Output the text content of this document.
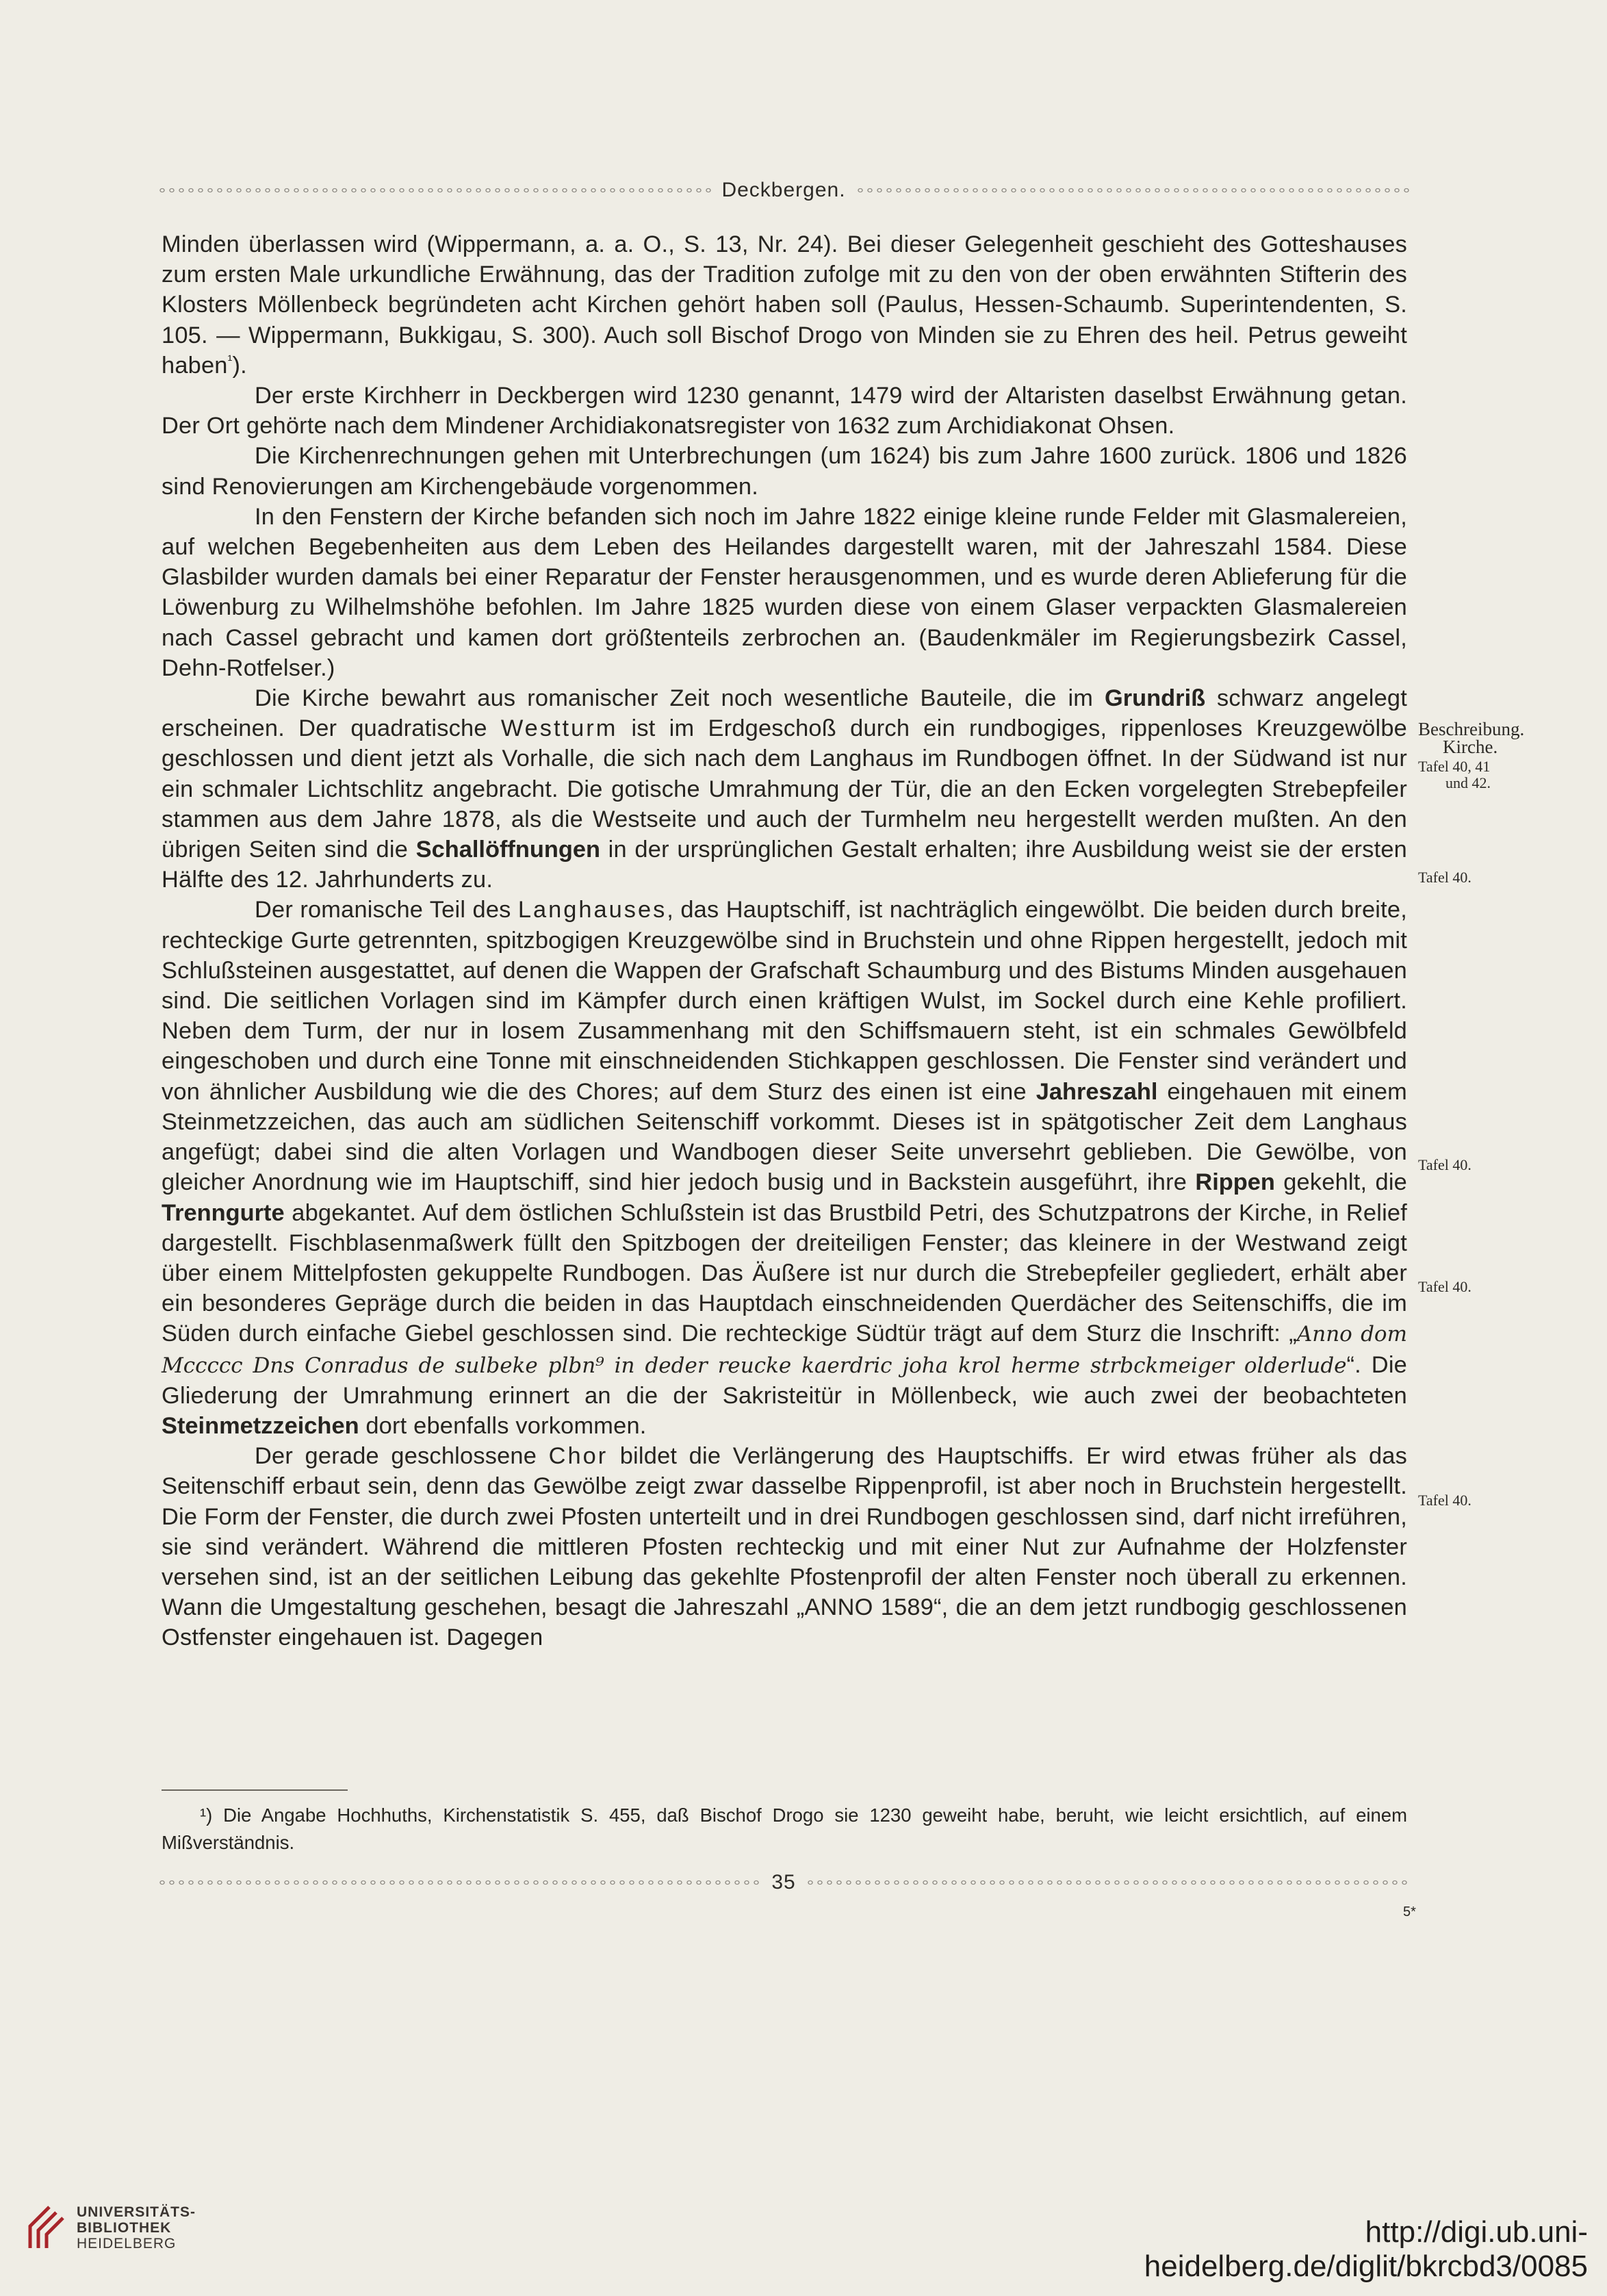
Deckbergen.

Minden überlassen wird (Wippermann, a. a. O., S. 13, Nr. 24). Bei dieser Gelegenheit geschieht des Gotteshauses zum ersten Male urkundliche Erwähnung, das der Tradition zufolge mit zu den von der oben erwähnten Stifterin des Klosters Möllenbeck begründeten acht Kirchen gehört haben soll (Paulus, Hessen-Schaumb. Superintendenten, S. 105. — Wippermann, Bukkigau, S. 300). Auch soll Bischof Drogo von Minden sie zu Ehren des heil. Petrus geweiht haben$^{^1}$).

Der erste Kirchherr in Deckbergen wird 1230 genannt, 1479 wird der Altaristen daselbst Erwähnung getan. Der Ort gehörte nach dem Mindener Archidiakonatsregister von 1632 zum Archidiakonat Ohsen.

Die Kirchenrechnungen gehen mit Unterbrechungen (um 1624) bis zum Jahre 1600 zurück. 1806 und 1826 sind Renovierungen am Kirchengebäude vorgenommen.

In den Fenstern der Kirche befanden sich noch im Jahre 1822 einige kleine runde Felder mit Glasmalereien, auf welchen Begebenheiten aus dem Leben des Heilandes dargestellt waren, mit der Jahreszahl 1584. Diese Glasbilder wurden damals bei einer Reparatur der Fenster herausgenommen, und es wurde deren Ablieferung für die Löwenburg zu Wilhelmshöhe befohlen. Im Jahre 1825 wurden diese von einem Glaser verpackten Glasmalereien nach Cassel gebracht und kamen dort größtenteils zerbrochen an. (Baudenkmäler im Regierungsbezirk Cassel, Dehn-Rotfelser.)

Die Kirche bewahrt aus romanischer Zeit noch wesentliche Bauteile, die im Grundriß schwarz angelegt erscheinen. Der quadratische Westturm ist im Erdgeschoß durch ein rundbogiges, rippenloses Kreuzgewölbe geschlossen und dient jetzt als Vorhalle, die sich nach dem Langhaus im Rundbogen öffnet. In der Südwand ist nur ein schmaler Lichtschlitz angebracht. Die gotische Umrahmung der Tür, die an den Ecken vorgelegten Strebepfeiler stammen aus dem Jahre 1878, als die Westseite und auch der Turmhelm neu hergestellt werden mußten. An den übrigen Seiten sind die Schallöffnungen in der ursprünglichen Gestalt erhalten; ihre Ausbildung weist sie der ersten Hälfte des 12. Jahrhunderts zu.

Der romanische Teil des Langhauses, das Hauptschiff, ist nachträglich eingewölbt. Die beiden durch breite, rechteckige Gurte getrennten, spitzbogigen Kreuzgewölbe sind in Bruchstein und ohne Rippen hergestellt, jedoch mit Schlußsteinen ausgestattet, auf denen die Wappen der Grafschaft Schaumburg und des Bistums Minden ausgehauen sind. Die seitlichen Vorlagen sind im Kämpfer durch einen kräftigen Wulst, im Sockel durch eine Kehle profiliert. Neben dem Turm, der nur in losem Zusammenhang mit den Schiffsmauern steht, ist ein schmales Gewölbfeld eingeschoben und durch eine Tonne mit einschneidenden Stichkappen geschlossen. Die Fenster sind verändert und von ähnlicher Ausbildung wie die des Chores; auf dem Sturz des einen ist eine Jahreszahl eingehauen mit einem Steinmetzzeichen, das auch am südlichen Seitenschiff vorkommt. Dieses ist in spätgotischer Zeit dem Langhaus angefügt; dabei sind die alten Vorlagen und Wandbogen dieser Seite unversehrt geblieben. Die Gewölbe, von gleicher Anordnung wie im Hauptschiff, sind hier jedoch busig und in Backstein ausgeführt, ihre Rippen gekehlt, die Trenngurte abgekantet. Auf dem östlichen Schlußstein ist das Brustbild Petri, des Schutzpatrons der Kirche, in Relief dargestellt. Fischblasenmaßwerk füllt den Spitzbogen der dreiteiligen Fenster; das kleinere in der Westwand zeigt über einem Mittelpfosten gekuppelte Rundbogen. Das Äußere ist nur durch die Strebepfeiler gegliedert, erhält aber ein besonderes Gepräge durch die beiden in das Hauptdach einschneidenden Querdächer des Seitenschiffs, die im Süden durch einfache Giebel geschlossen sind. Die rechteckige Südtür trägt auf dem Sturz die Inschrift: „Anno dom Mccccc Dns Conradus de sulbeke plbn⁹ in deder reucke kaerdric joha krol herme strbckmeiger olderlude“. Die Gliederung der Umrahmung erinnert an die der Sakristeitür in Möllenbeck, wie auch zwei der beobachteten Steinmetzzeichen dort ebenfalls vorkommen.

Der gerade geschlossene Chor bildet die Verlängerung des Hauptschiffs. Er wird etwas früher als das Seitenschiff erbaut sein, denn das Gewölbe zeigt zwar dasselbe Rippenprofil, ist aber noch in Bruchstein hergestellt. Die Form der Fenster, die durch zwei Pfosten unterteilt und in drei Rundbogen geschlossen sind, darf nicht irreführen, sie sind verändert. Während die mittleren Pfosten rechteckig und mit einer Nut zur Aufnahme der Holzfenster versehen sind, ist an der seitlichen Leibung das gekehlte Pfostenprofil der alten Fenster noch überall zu erkennen. Wann die Umgestaltung geschehen, besagt die Jahreszahl „ANNO 1589“, die an dem jetzt rundbogig geschlossenen Ostfenster eingehauen ist. Dagegen

Beschreibung.
Kirche.
Tafel 40, 41
und 42.
Tafel 40.
Tafel 40.
Tafel 40.
Tafel 40.
¹) Die Angabe Hochhuths, Kirchenstatistik S. 455, daß Bischof Drogo sie 1230 geweiht habe, beruht, wie leicht ersichtlich, auf einem Mißverständnis.
35
5*
UNIVERSITÄTS-
BIBLIOTHEK
HEIDELBERG	http://digi.ub.uni-heidelberg.de/diglit/bkrcbd3/0085
